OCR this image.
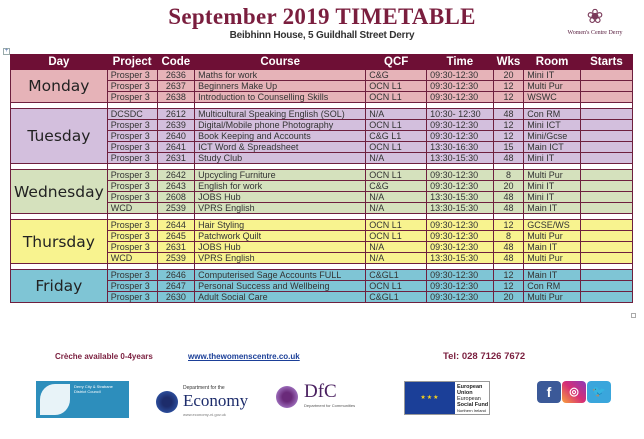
September 2019 TIMETABLE
Beibhinn House, 5 Guildhall Street Derry
❀
Women's Centre Derry
+
Day	Project	Code	Course	QCF	Time	Wks	Room	Starts
Monday	Prosper 3	2636	Maths for work	C&G	09:30-12:30	20	Mini IT	
	Prosper 3	2637	Beginners Make Up	OCN L1	09:30-12:30	12	Multi Pur	
	Prosper 3	2638	Introduction to Counselling Skills	OCN L1	09:30-12:30	12	WSWC	

Tuesday	DCSDC	2612	Multicultural Speaking English (SOL)	N/A	10:30- 12:30	48	Con RM	
	Prosper 3	2639	Digital/Mobile phone Photography	OCN L1	09:30-12:30	12	Mini ICT	
	Prosper 3	2640	Book Keeping and Accounts	C&G L1	09:30-12:30	12	Mini/Gcse	
	Prosper 3	2641	ICT Word & Spreadsheet	OCN L1	13:30-16:30	15	Main ICT	
	Prosper 3	2631	Study Club	N/A	13:30-15:30	48	Mini IT	

Wednesday	Prosper 3	2642	Upcycling Furniture	OCN L1	09:30-12:30	8	Multi Pur	
	Prosper 3	2643	English for work	C&G	09:30-12:30	20	Mini IT	
	Prosper 3	2608	JOBS Hub	N/A	13:30-15:30	48	Mini IT	
	WCD	2539	VPRS English	N/A	13:30-15:30	48	Main IT	

Thursday	Prosper 3	2644	Hair Styling	OCN L1	09:30-12:30	12	GCSE/WS	
	Prosper 3	2645	Patchwork Quilt	OCN L1	09:30-12:30	8	Multi Pur	
	Prosper 3	2631	JOBS Hub	N/A	09:30-12:30	48	Main IT	
	WCD	2539	VPRS English	N/A	13:30-15:30	48	Multi Pur	

Friday	Prosper 3	2646	Computerised Sage Accounts FULL	C&GL1	09:30-12:30	12	Main IT	
	Prosper 3	2647	Personal Success and Wellbeing	OCN L1	09:30-12:30	12	Con RM	
	Prosper 3	2630	Adult Social Care	C&GL1	09:30-12:30	20	Multi Pur	
Crèche available 0-4years	www.thewomenscentre.co.uk	Tel: 028 7126 7672
Derry City & Strabane District Council
Department for the
Economy
www.economy-ni.gov.uk
DfC
Department for Communities
★★★
European
Union
European
Social Fund
Northern Ireland
f	◎	🐦
